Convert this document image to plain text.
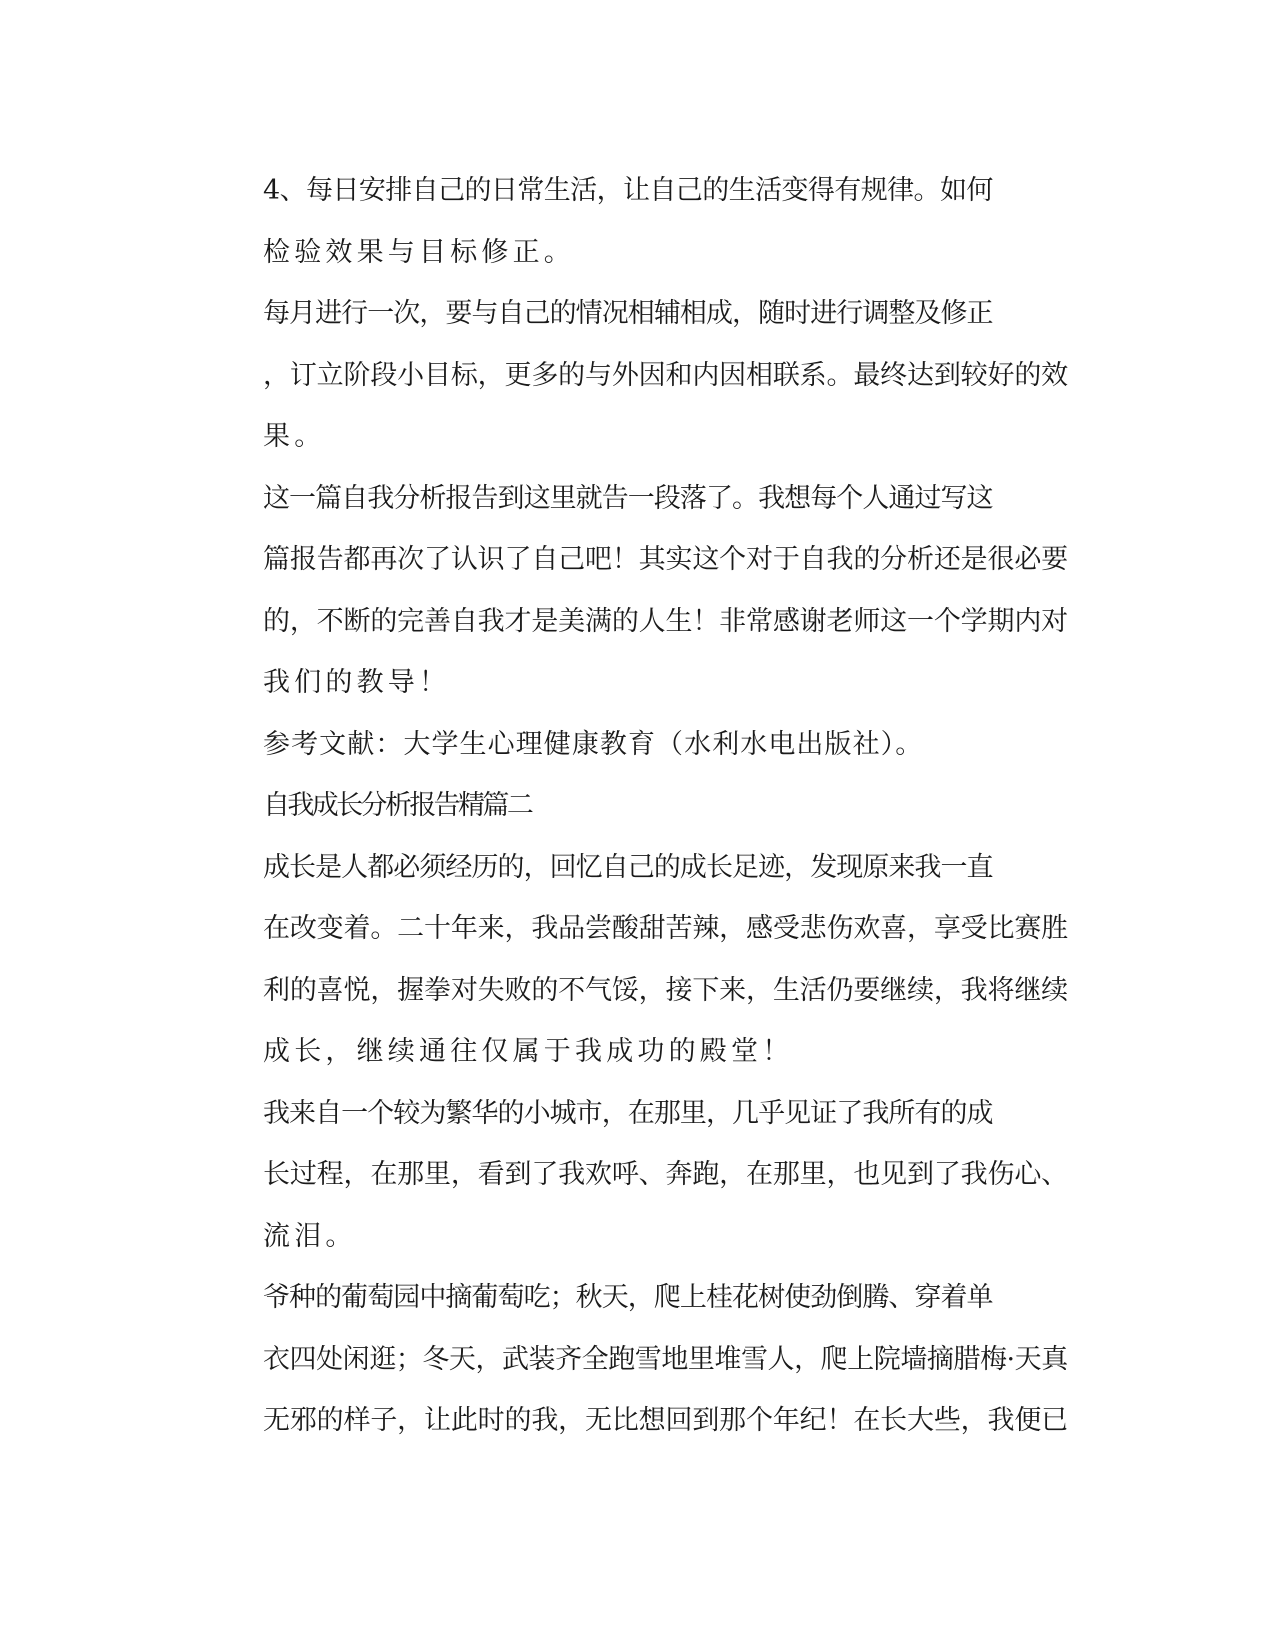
4、每日安排自己的日常生活，让自己的生活变得有规律。如何
检验效果与目标修正。

每月进行一次，要与自己的情况相辅相成，随时进行调整及修正
，订立阶段小目标，更多的与外因和内因相联系。最终达到较好的效
果。

这一篇自我分析报告到这里就告一段落了。我想每个人通过写这
篇报告都再次了认识了自己吧！其实这个对于自我的分析还是很必要
的，不断的完善自我才是美满的人生！非常感谢老师这一个学期内对
我们的教导！

参考文献：大学生心理健康教育（水利水电出版社）。

自我成长分析报告精篇二

成长是人都必须经历的，回忆自己的成长足迹，发现原来我一直
在改变着。二十年来，我品尝酸甜苦辣，感受悲伤欢喜，享受比赛胜
利的喜悦，握拳对失败的不气馁，接下来，生活仍要继续，我将继续
成长，继续通往仅属于我成功的殿堂！

我来自一个较为繁华的小城市，在那里，几乎见证了我所有的成
长过程，在那里，看到了我欢呼、奔跑，在那里，也见到了我伤心、
流泪。

爷种的葡萄园中摘葡萄吃；秋天，爬上桂花树使劲倒腾、穿着单
衣四处闲逛；冬天，武装齐全跑雪地里堆雪人，爬上院墙摘腊梅·天真
无邪的样子，让此时的我，无比想回到那个年纪！在长大些，我便已
